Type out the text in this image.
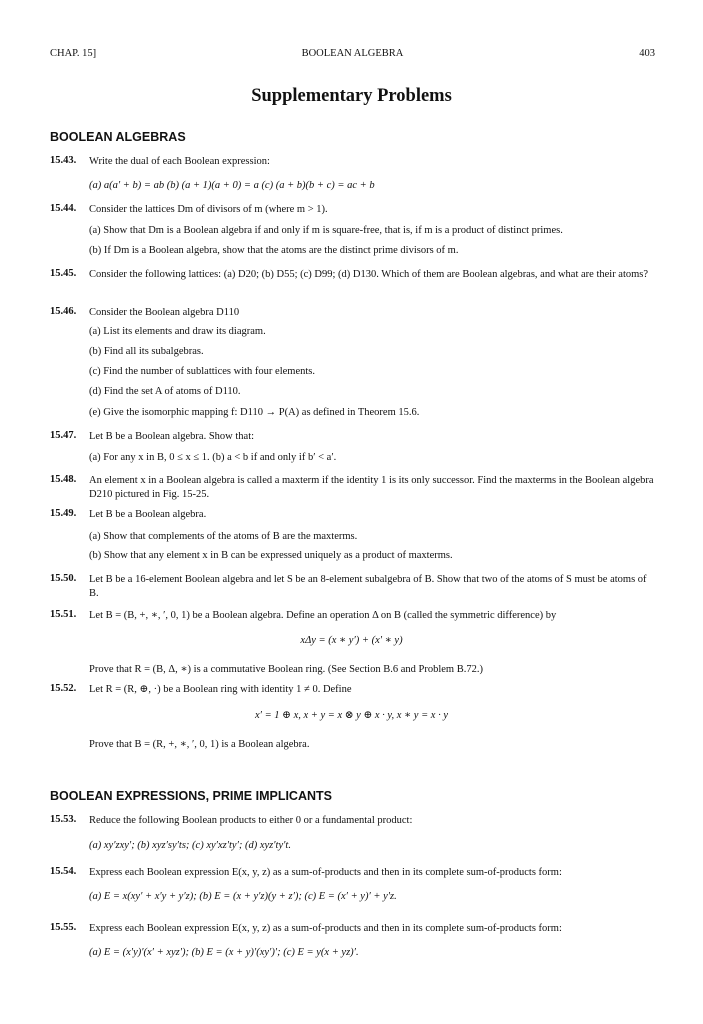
CHAP. 15]	BOOLEAN ALGEBRA	403
Supplementary Problems
BOOLEAN ALGEBRAS
15.43. Write the dual of each Boolean expression:
(a) a(a′ + b) = ab (b) (a + 1)(a + 0) = a (c) (a + b)(b + c) = ac + b
15.44. Consider the lattices Dm of divisors of m (where m > 1).
(a) Show that Dm is a Boolean algebra if and only if m is square-free, that is, if m is a product of distinct primes.
(b) If Dm is a Boolean algebra, show that the atoms are the distinct prime divisors of m.
15.45. Consider the following lattices: (a) D20; (b) D55; (c) D99; (d) D130. Which of them are Boolean algebras, and what are their atoms?
15.46. Consider the Boolean algebra D110
(a) List its elements and draw its diagram.
(b) Find all its subalgebras.
(c) Find the number of sublattices with four elements.
(d) Find the set A of atoms of D110.
(e) Give the isomorphic mapping f: D110 → P(A) as defined in Theorem 15.6.
15.47. Let B be a Boolean algebra. Show that:
(a) For any x in B, 0 ≤ x ≤ 1. (b) a < b if and only if b′ < a′.
15.48. An element x in a Boolean algebra is called a maxterm if the identity 1 is its only successor. Find the maxterms in the Boolean algebra D210 pictured in Fig. 15-25.
15.49. Let B be a Boolean algebra.
(a) Show that complements of the atoms of B are the maxterms.
(b) Show that any element x in B can be expressed uniquely as a product of maxterms.
15.50. Let B be a 16-element Boolean algebra and let S be an 8-element subalgebra of B. Show that two of the atoms of S must be atoms of B.
15.51. Let B = (B, +, ∗, ′, 0, 1) be a Boolean algebra. Define an operation Δ on B (called the symmetric difference) by
xΔy = (x ∗ y′) + (x′ ∗ y)
Prove that R = (B, Δ, ∗) is a commutative Boolean ring. (See Section B.6 and Problem B.72.)
15.52. Let R = (R, ⊕, ·) be a Boolean ring with identity 1 ≠ 0. Define
x′ = 1 ⊕ x, x + y = x ⊗ y ⊕ x · y, x ∗ y = x · y
Prove that B = (R, +, ∗, ′, 0, 1) is a Boolean algebra.
BOOLEAN EXPRESSIONS, PRIME IMPLICANTS
15.53. Reduce the following Boolean products to either 0 or a fundamental product:
(a) xy′zxy′; (b) xyz′sy′ts; (c) xy′xz′ty′; (d) xyz′ty′t.
15.54. Express each Boolean expression E(x, y, z) as a sum-of-products and then in its complete sum-of-products form:
(a) E = x(xy′ + x′y + y′z); (b) E = (x + y′z)(y + z′); (c) E = (x′ + y)′ + y′z.
15.55. Express each Boolean expression E(x, y, z) as a sum-of-products and then in its complete sum-of-products form:
(a) E = (x′y)′(x′ + xyz′); (b) E = (x + y)′(xy′)′; (c) E = y(x + yz)′.
